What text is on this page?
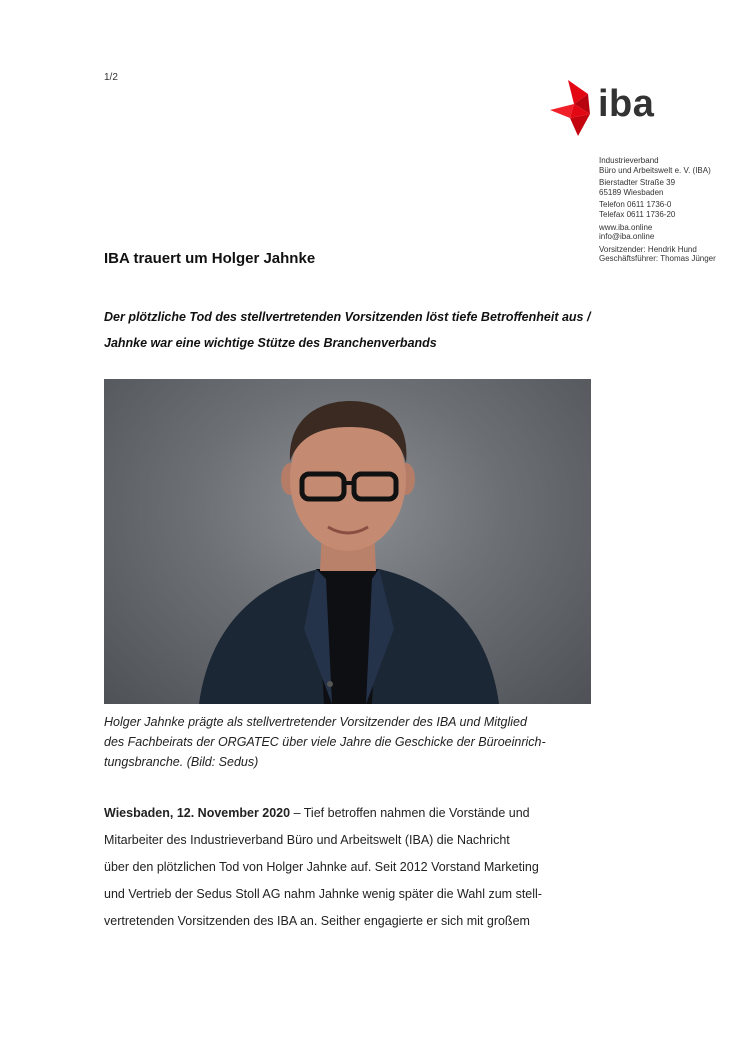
1/2
iba
Industrieverband
Büro und Arbeitswelt e. V. (IBA)
Bierstadter Straße 39
65189 Wiesbaden
Telefon 0611 1736-0
Telefax 0611 1736-20
www.iba.online
info@iba.online
Vorsitzender: Hendrik Hund
Geschäftsführer: Thomas Jünger
IBA trauert um Holger Jahnke
Der plötzliche Tod des stellvertretenden Vorsitzenden löst tiefe Betroffenheit aus / Jahnke war eine wichtige Stütze des Branchenverbands
Holger Jahnke prägte als stellvertretender Vorsitzender des IBA und Mitglied
des Fachbeirats der ORGATEC über viele Jahre die Geschicke der Büroeinrich-
tungsbranche. (Bild: Sedus)
Wiesbaden, 12. November 2020 – Tief betroffen nahmen die Vorstände und
Mitarbeiter des Industrieverband Büro und Arbeitswelt (IBA) die Nachricht
über den plötzlichen Tod von Holger Jahnke auf. Seit 2012 Vorstand Marketing
und Vertrieb der Sedus Stoll AG nahm Jahnke wenig später die Wahl zum stell-
vertretenden Vorsitzenden des IBA an. Seither engagierte er sich mit großem
